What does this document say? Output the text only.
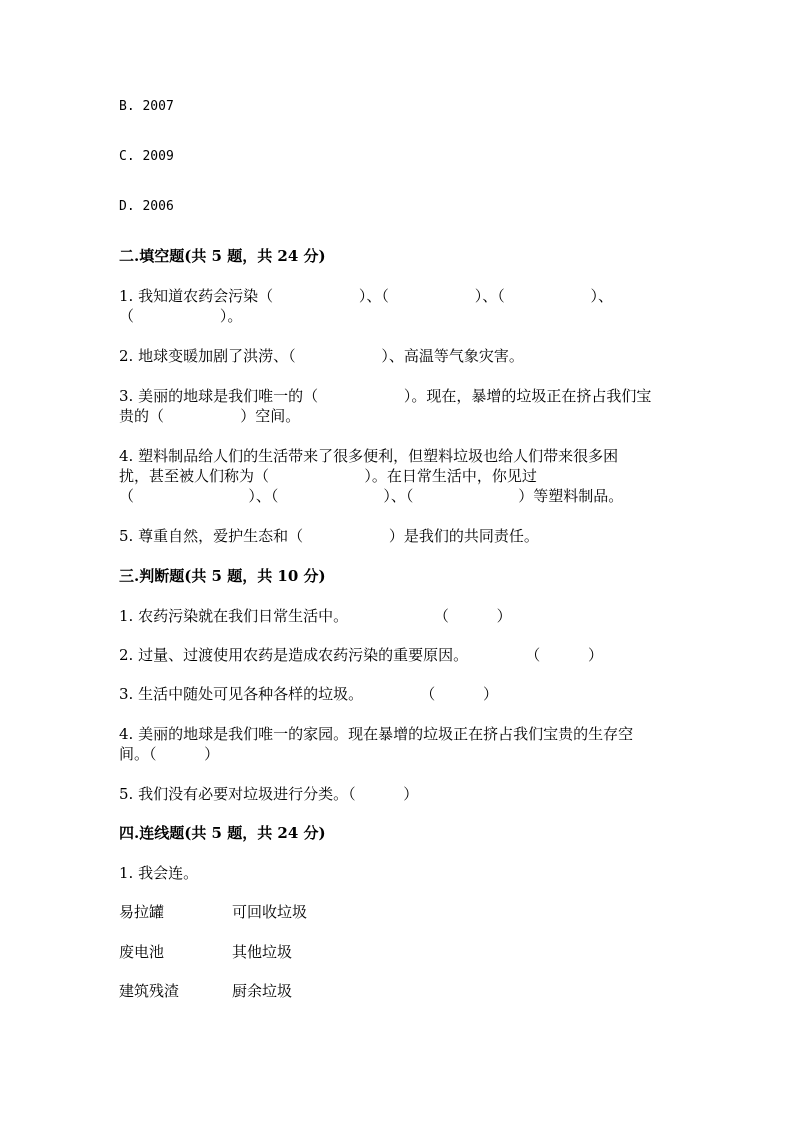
B. 2007
C. 2009
D. 2006
二.填空题(共 5 题，共 24 分)
1. 我知道农药会污染（                  ）、（                  ）、（                  ）、
（                  ）。
2. 地球变暖加剧了洪涝、（                  ）、高温等气象灾害。
3. 美丽的地球是我们唯一的（                  ）。现在，暴增的垃圾正在挤占我们宝
贵的（                ）空间。
4. 塑料制品给人们的生活带来了很多便利，但塑料垃圾也给人们带来很多困
扰，甚至被人们称为（                    ）。在日常生活中，你见过
（                        ）、（                      ）、（                      ）等塑料制品。
5. 尊重自然，爱护生态和（                  ）是我们的共同责任。
三.判断题(共 5 题，共 10 分)
1. 农药污染就在我们日常生活中。                  （          ）
2. 过量、过渡使用农药是造成农药污染的重要原因。            （          ）
3. 生活中随处可见各种各样的垃圾。            （          ）
4. 美丽的地球是我们唯一的家园。现在暴增的垃圾正在挤占我们宝贵的生存空
间。（          ）
5. 我们没有必要对垃圾进行分类。（          ）
四.连线题(共 5 题，共 24 分)
1. 我会连。
易拉罐	可回收垃圾
废电池	其他垃圾
建筑残渣	厨余垃圾
